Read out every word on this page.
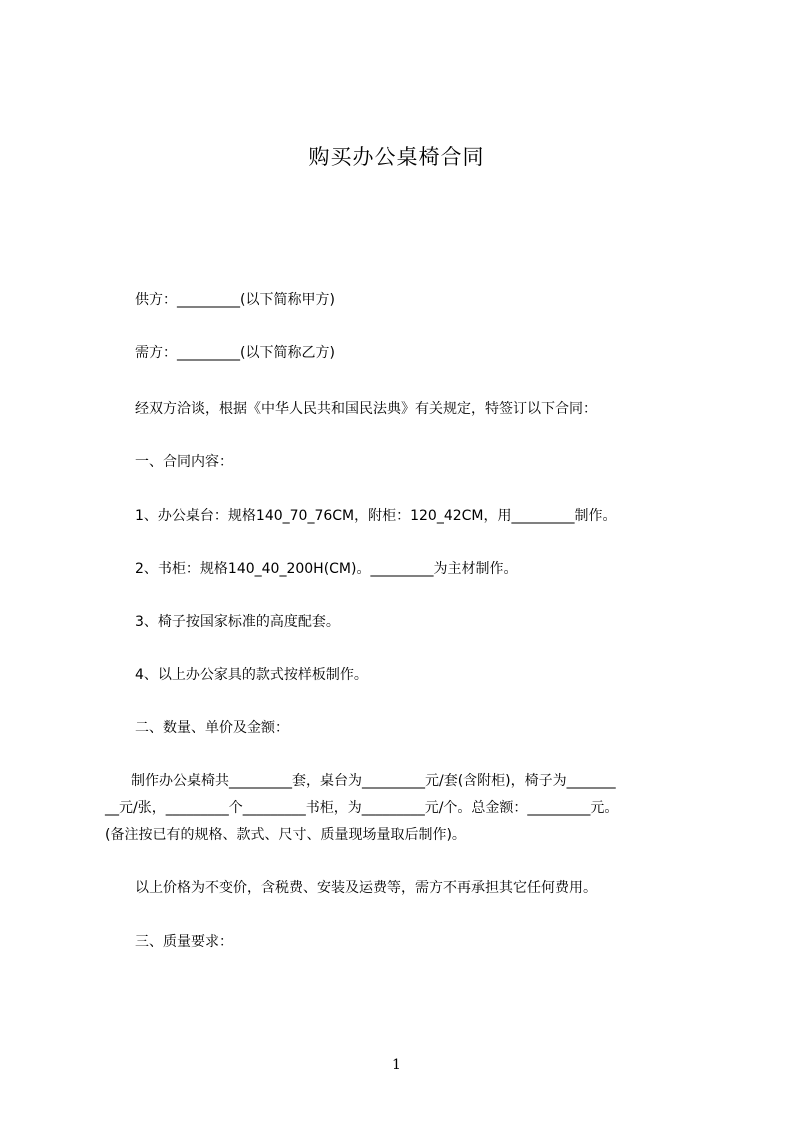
购买办公桌椅合同
供方：_________(以下简称甲方)
需方：_________(以下简称乙方)
经双方洽谈，根据《中华人民共和国民法典》有关规定，特签订以下合同：
一、合同内容：
1、办公桌台：规格140_70_76CM，附柜：120_42CM，用_________制作。
2、书柜：规格140_40_200H(CM)。_________为主材制作。
3、椅子按国家标准的高度配套。
4、以上办公家具的款式按样板制作。
二、数量、单价及金额：
制作办公桌椅共_________套，桌台为_________元/套(含附柜)，椅子为_______
__元/张，_________个_________书柜，为_________元/个。总金额：_________元。
(备注按已有的规格、款式、尺寸、质量现场量取后制作)。
以上价格为不变价，含税费、安装及运费等，需方不再承担其它任何费用。
三、质量要求：
1
